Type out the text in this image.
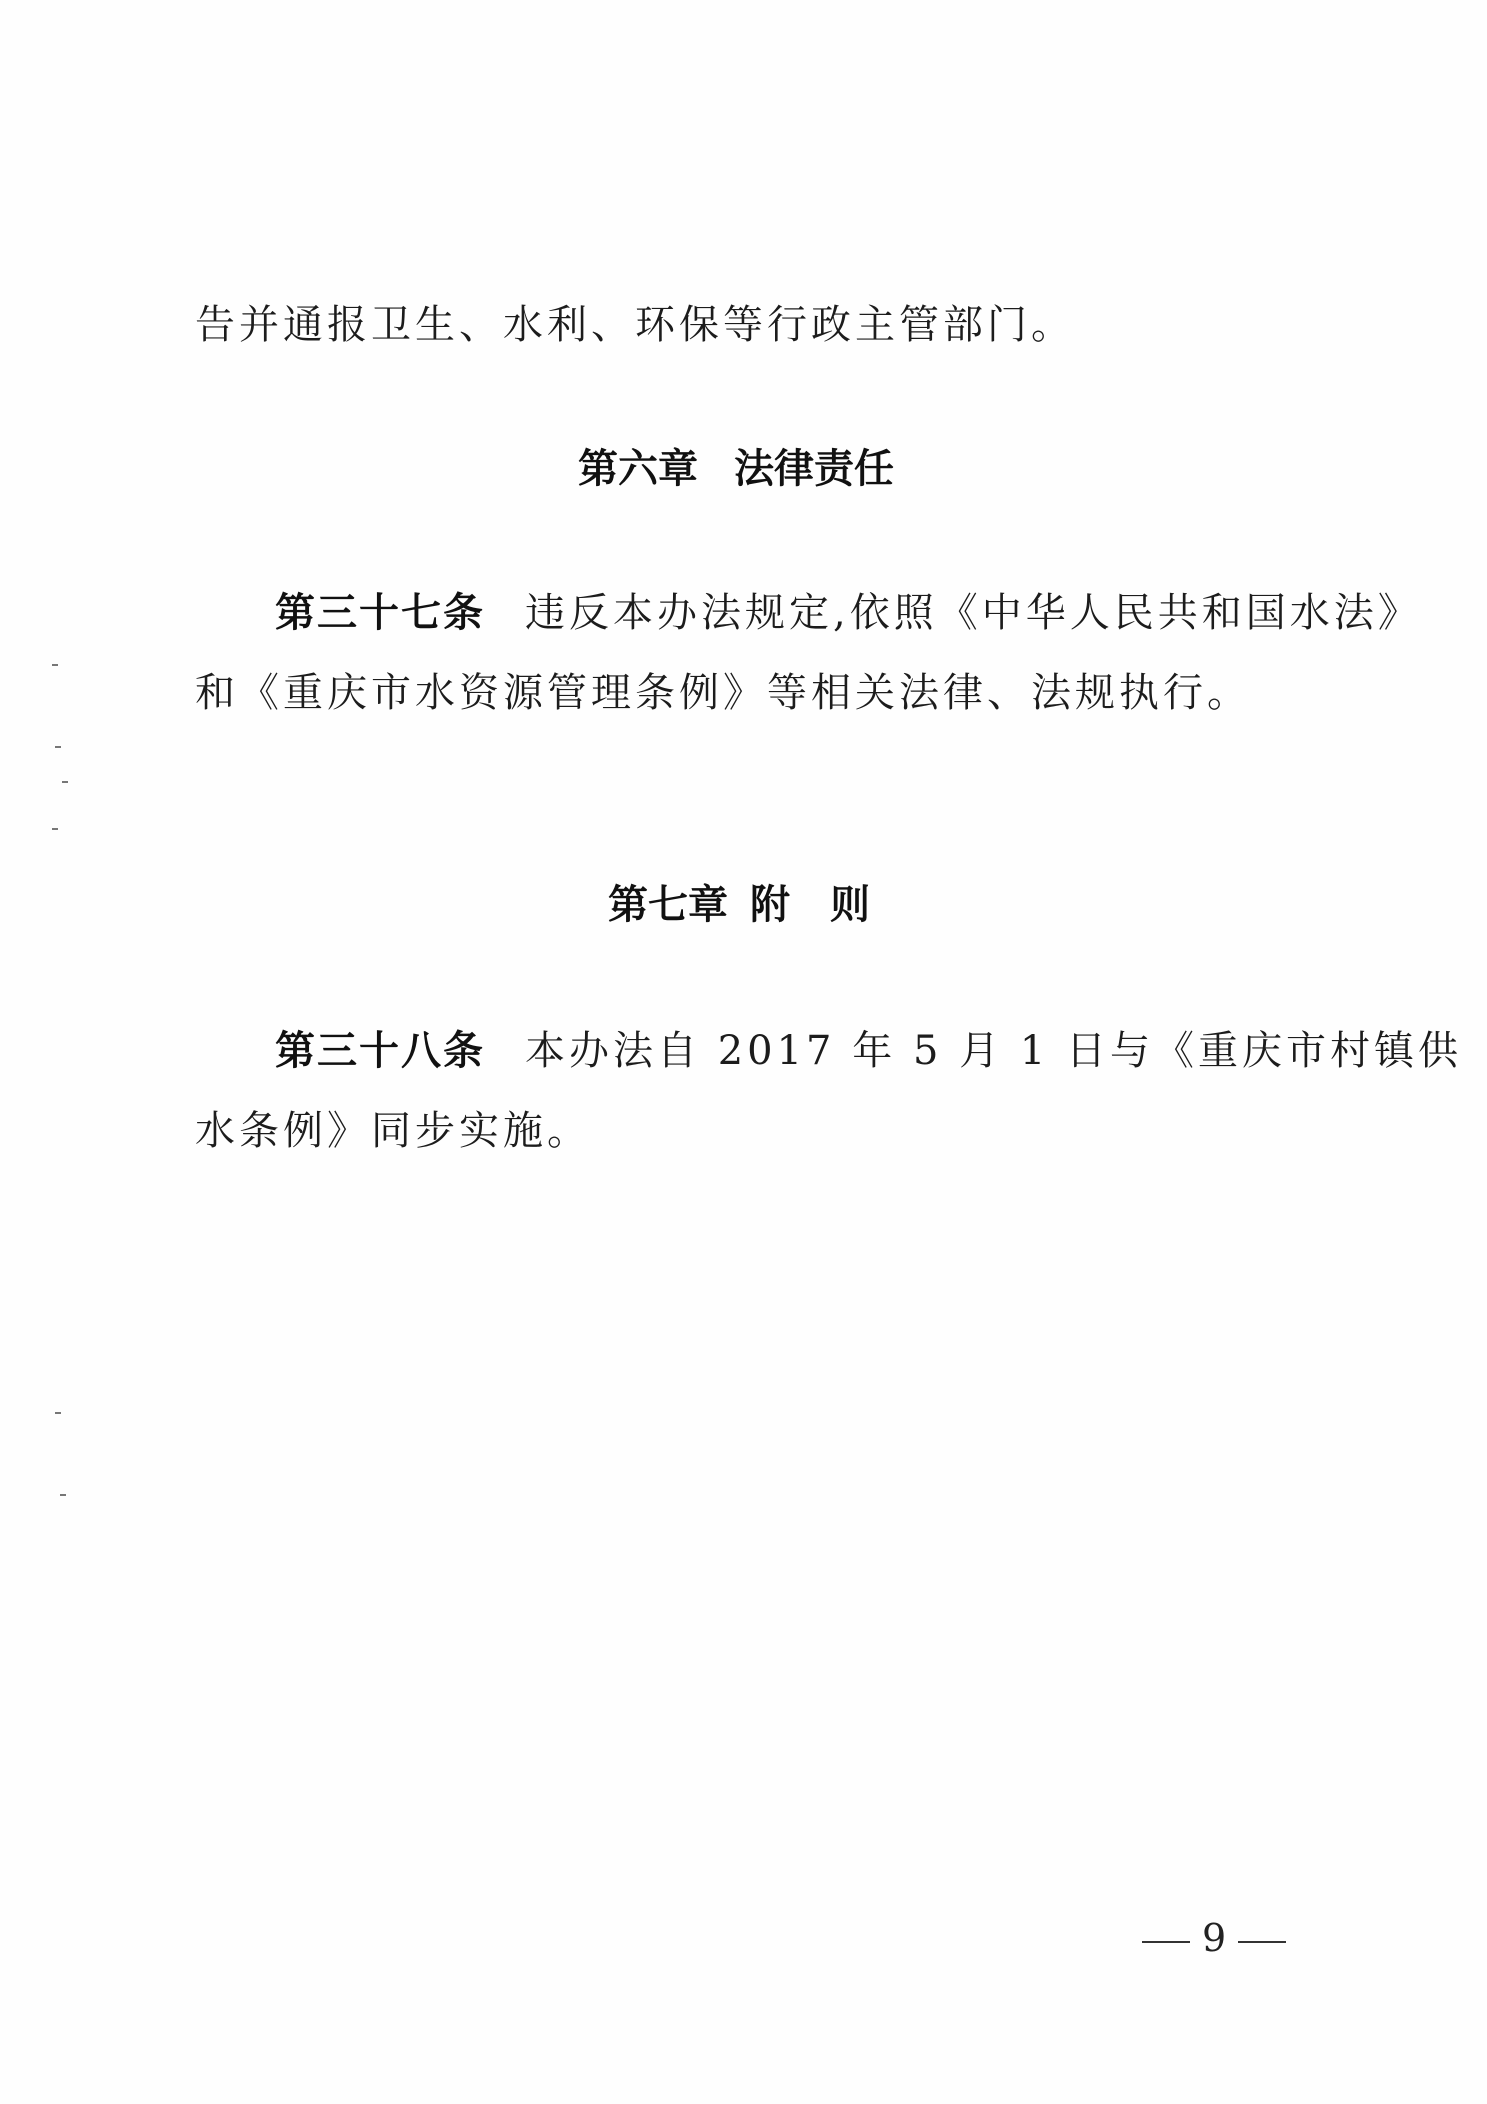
告并通报卫生、水利、环保等行政主管部门。
第六章 法律责任
第三十七条 违反本办法规定,依照《中华人民共和国水法》
和《重庆市水资源管理条例》等相关法律、法规执行。
第七章 附　则
第三十八条 本办法自 2017 年 5 月 1 日与《重庆市村镇供
水条例》同步实施。
9
